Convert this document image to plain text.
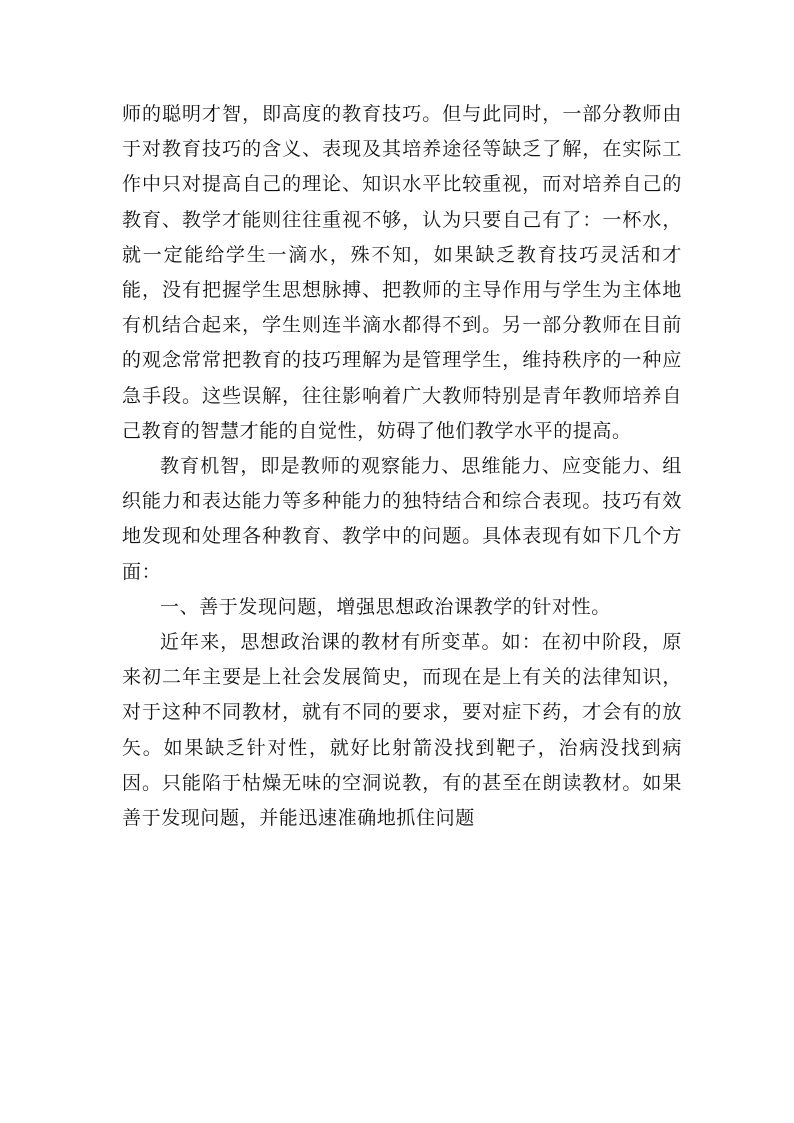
师的聪明才智，即高度的教育技巧。但与此同时，一部分教师由于对教育技巧的含义、表现及其培养途径等缺乏了解，在实际工作中只对提高自己的理论、知识水平比较重视，而对培养自己的教育、教学才能则往往重视不够，认为只要自己有了：一杯水，就一定能给学生一滴水，殊不知，如果缺乏教育技巧灵活和才能，没有把握学生思想脉搏、把教师的主导作用与学生为主体地有机结合起来，学生则连半滴水都得不到。另一部分教师在目前的观念常常把教育的技巧理解为是管理学生，维持秩序的一种应急手段。这些误解，往往影响着广大教师特别是青年教师培养自己教育的智慧才能的自觉性，妨碍了他们教学水平的提高。

教育机智，即是教师的观察能力、思维能力、应变能力、组织能力和表达能力等多种能力的独特结合和综合表现。技巧有效地发现和处理各种教育、教学中的问题。具体表现有如下几个方面：

一、善于发现问题，增强思想政治课教学的针对性。

近年来，思想政治课的教材有所变革。如：在初中阶段，原来初二年主要是上社会发展简史，而现在是上有关的法律知识，对于这种不同教材，就有不同的要求，要对症下药，才会有的放矢。如果缺乏针对性，就好比射箭没找到靶子，治病没找到病因。只能陷于枯燥无味的空洞说教，有的甚至在朗读教材。如果善于发现问题，并能迅速准确地抓住问题
